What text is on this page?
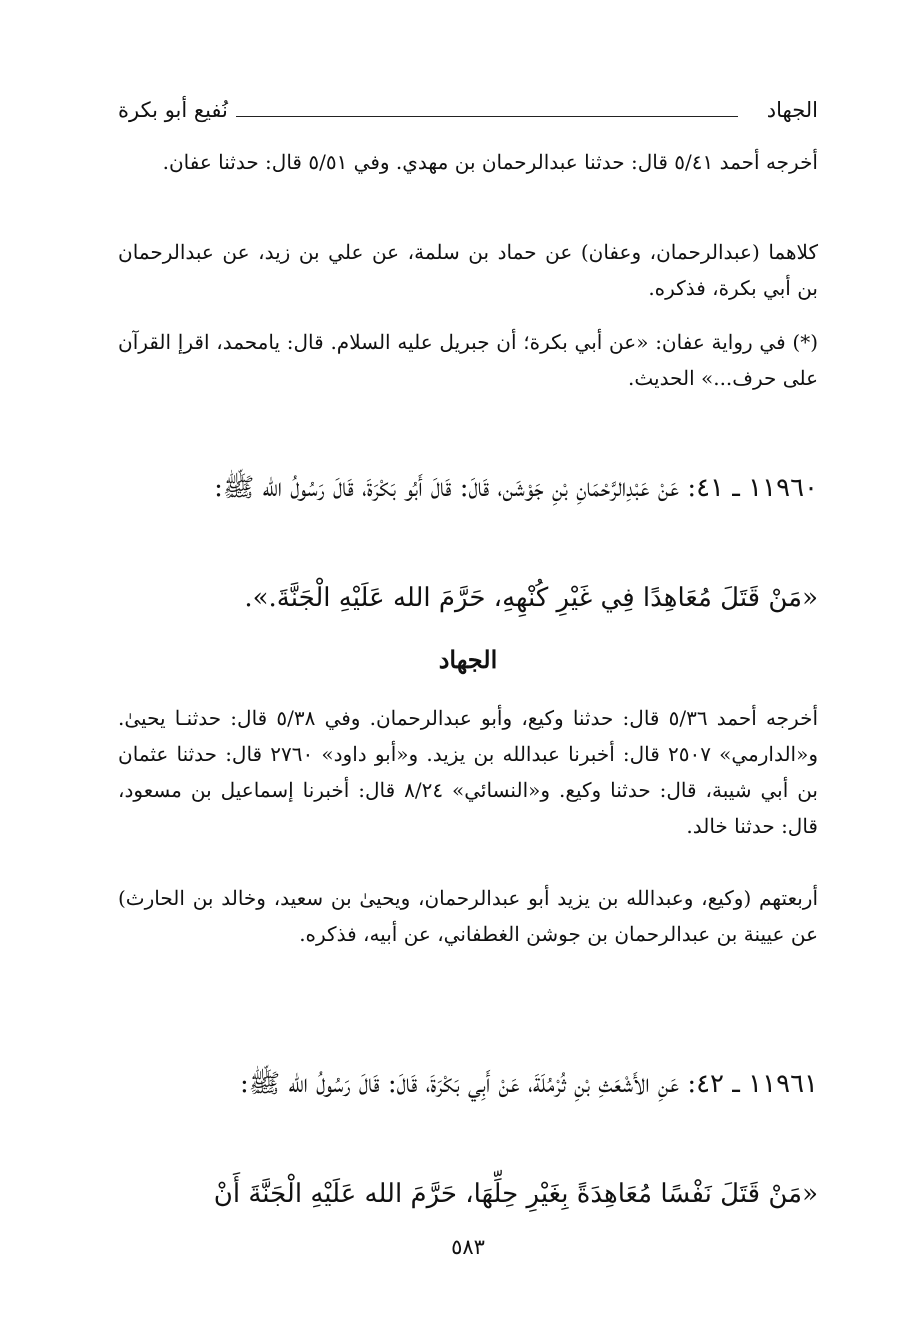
الجهاد
نُفيع أبو بكرة

أخرجه أحمد ٥/٤١ قال: حدثنا عبدالرحمان بن مهدي. وفي ٥/٥١ قال: حدثنا عفان.

كلاهما (عبدالرحمان، وعفان) عن حماد بن سلمة، عن علي بن زيد، عن عبدالرحمان بن أبي بكرة، فذكره.

(*) في رواية عفان: «عن أبي بكرة؛ أن جبريل عليه السلام. قال: يامحمد، اقرإ القرآن على حرف...» الحديث.

١١٩٦٠ ـ ٤١: عَنْ عَبْدِالرَّحْمَانِ بْنِ جَوْشَن، قَالَ: قَالَ أَبُو بَكْرَةَ، قَالَ رَسُولُ الله ﷺ:

«مَنْ قَتَلَ مُعَاهِدًا فِي غَيْرِ كُنْهِهِ، حَرَّمَ الله عَلَيْهِ الْجَنَّةَ.».

الجهاد

أخرجه أحمد ٥/٣٦ قال: حدثنا وكيع، وأبو عبدالرحمان. وفي ٥/٣٨ قال: حدثنـا يحيىٰ. و«الدارمي» ٢٥٠٧ قال: أخبرنا عبدالله بن يزيد. و«أبو داود» ٢٧٦٠ قال: حدثنا عثمان بن أبي شيبة، قال: حدثنا وكيع. و«النسائي» ٨/٢٤ قال: أخبرنا إسماعيل بن مسعود، قال: حدثنا خالد.

أربعتهم (وكيع، وعبدالله بن يزيد أبو عبدالرحمان، ويحيىٰ بن سعيد، وخالد بن الحارث) عن عيينة بن عبدالرحمان بن جوشن الغطفاني، عن أبيه، فذكره.

١١٩٦١ ـ ٤٢: عَنِ الأَشْعَثِ بْنِ ثُرْمُلَةَ، عَنْ أَبِي بَكْرَةَ، قَالَ: قَالَ رَسُولُ الله ﷺ:

«مَنْ قَتَلَ نَفْسًا مُعَاهِدَةً بِغَيْرِ حِلِّهَا، حَرَّمَ الله عَلَيْهِ الْجَنَّةَ أَنْ

٥٨٣
